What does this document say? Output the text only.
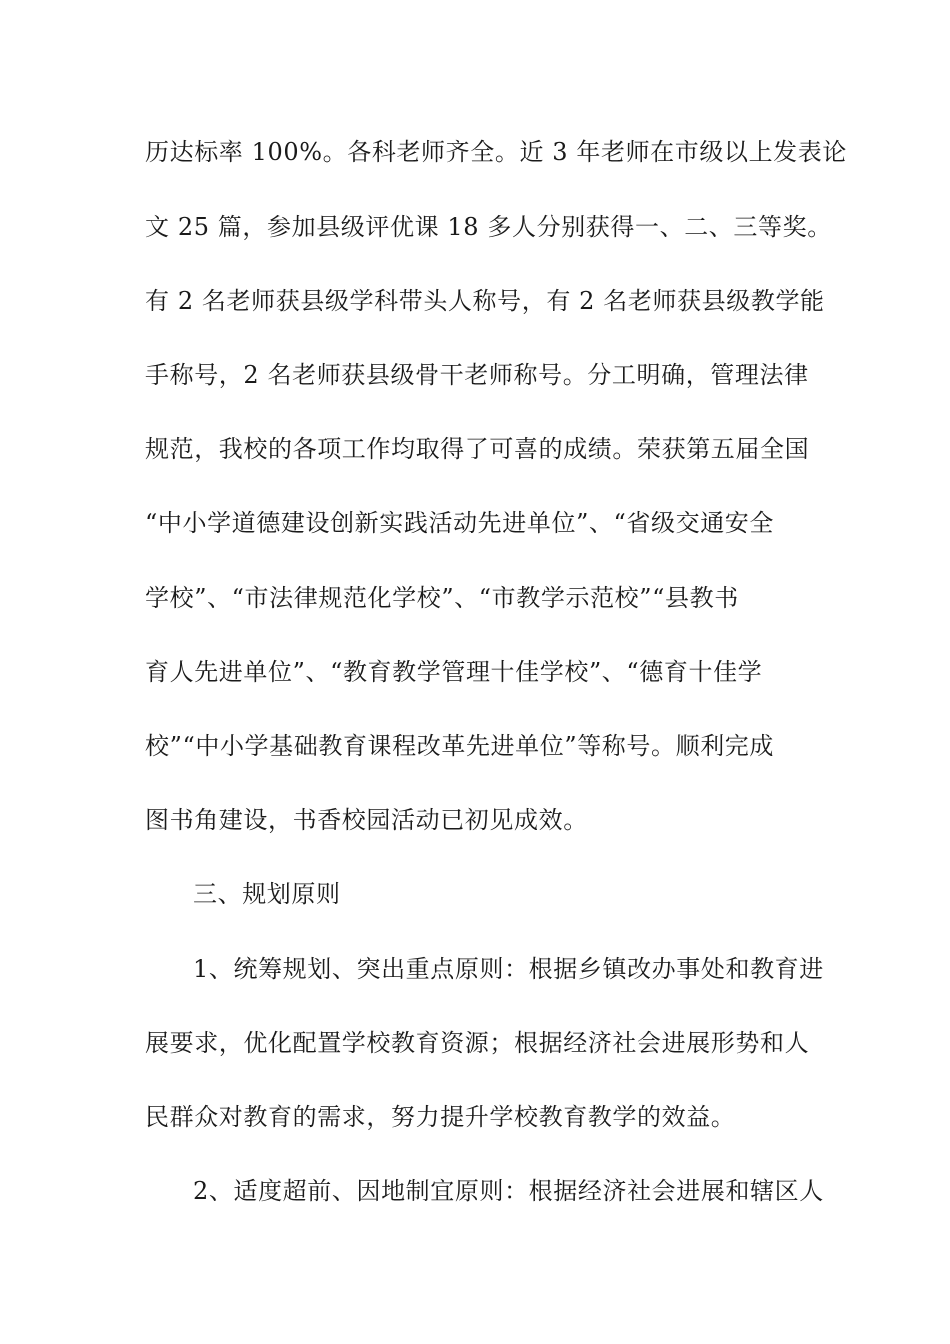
历达标率 100%。各科老师齐全。近 3 年老师在市级以上发表论
文 25 篇，参加县级评优课 18 多人分别获得一、二、三等奖。
有 2 名老师获县级学科带头人称号，有 2 名老师获县级教学能
手称号，2 名老师获县级骨干老师称号。分工明确，管理法律
规范，我校的各项工作均取得了可喜的成绩。荣获第五届全国
“中小学道德建设创新实践活动先进单位”、“省级交通安全
学校”、“市法律规范化学校”、“市教学示范校”“县教书
育人先进单位”、“教育教学管理十佳学校”、“德育十佳学
校”“中小学基础教育课程改革先进单位”等称号。顺利完成
图书角建设，书香校园活动已初见成效。
三、规划原则
1、统筹规划、突出重点原则：根据乡镇改办事处和教育进
展要求，优化配置学校教育资源；根据经济社会进展形势和人
民群众对教育的需求，努力提升学校教育教学的效益。
2、适度超前、因地制宜原则：根据经济社会进展和辖区人
